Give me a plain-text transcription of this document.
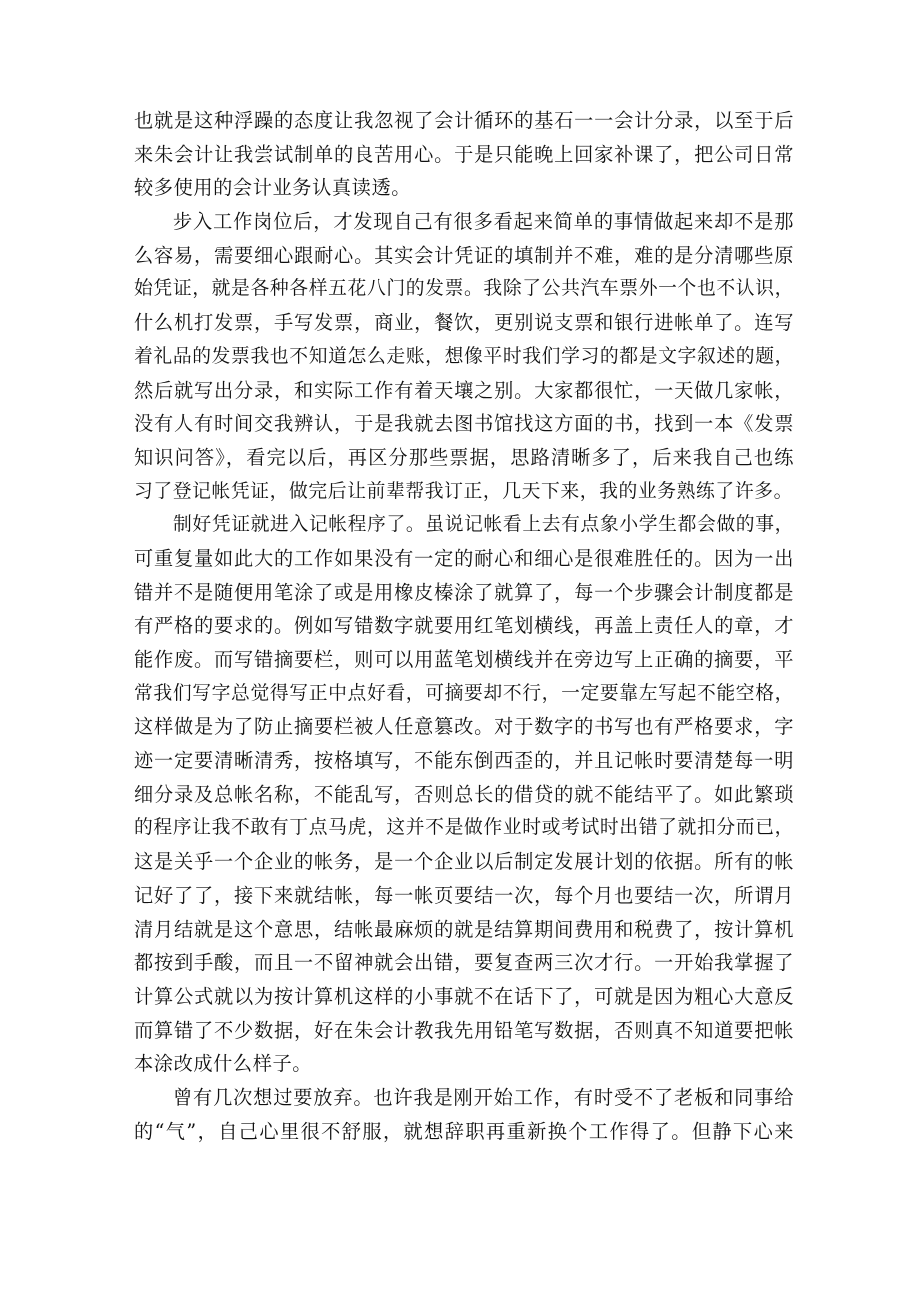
也就是这种浮躁的态度让我忽视了会计循环的基石一一会计分录，以至于后
来朱会计让我尝试制单的良苦用心。于是只能晚上回家补课了，把公司日常
较多使用的会计业务认真读透。
步入工作岗位后，才发现自己有很多看起来简单的事情做起来却不是那
么容易，需要细心跟耐心。其实会计凭证的填制并不难，难的是分清哪些原
始凭证，就是各种各样五花八门的发票。我除了公共汽车票外一个也不认识，
什么机打发票，手写发票，商业，餐饮，更别说支票和银行进帐单了。连写
着礼品的发票我也不知道怎么走账，想像平时我们学习的都是文字叙述的题，
然后就写出分录，和实际工作有着天壤之别。大家都很忙，一天做几家帐，
没有人有时间交我辨认，于是我就去图书馆找这方面的书，找到一本《发票
知识问答》，看完以后，再区分那些票据，思路清晰多了，后来我自己也练
习了登记帐凭证，做完后让前辈帮我订正，几天下来，我的业务熟练了许多。
制好凭证就进入记帐程序了。虽说记帐看上去有点象小学生都会做的事，
可重复量如此大的工作如果没有一定的耐心和细心是很难胜任的。因为一出
错并不是随便用笔涂了或是用橡皮榛涂了就算了，每一个步骤会计制度都是
有严格的要求的。例如写错数字就要用红笔划横线，再盖上责任人的章，才
能作废。而写错摘要栏，则可以用蓝笔划横线并在旁边写上正确的摘要，平
常我们写字总觉得写正中点好看，可摘要却不行，一定要靠左写起不能空格，
这样做是为了防止摘要栏被人任意篡改。对于数字的书写也有严格要求，字
迹一定要清晰清秀，按格填写，不能东倒西歪的，并且记帐时要清楚每一明
细分录及总帐名称，不能乱写，否则总长的借贷的就不能结平了。如此繁琐
的程序让我不敢有丁点马虎，这并不是做作业时或考试时出错了就扣分而已，
这是关乎一个企业的帐务，是一个企业以后制定发展计划的依据。所有的帐
记好了了，接下来就结帐，每一帐页要结一次，每个月也要结一次，所谓月
清月结就是这个意思，结帐最麻烦的就是结算期间费用和税费了，按计算机
都按到手酸，而且一不留神就会出错，要复查两三次才行。一开始我掌握了
计算公式就以为按计算机这样的小事就不在话下了，可就是因为粗心大意反
而算错了不少数据，好在朱会计教我先用铅笔写数据，否则真不知道要把帐
本涂改成什么样子。
曾有几次想过要放弃。也许我是刚开始工作，有时受不了老板和同事给
的“气”，自己心里很不舒服，就想辞职再重新换个工作得了。但静下心来
